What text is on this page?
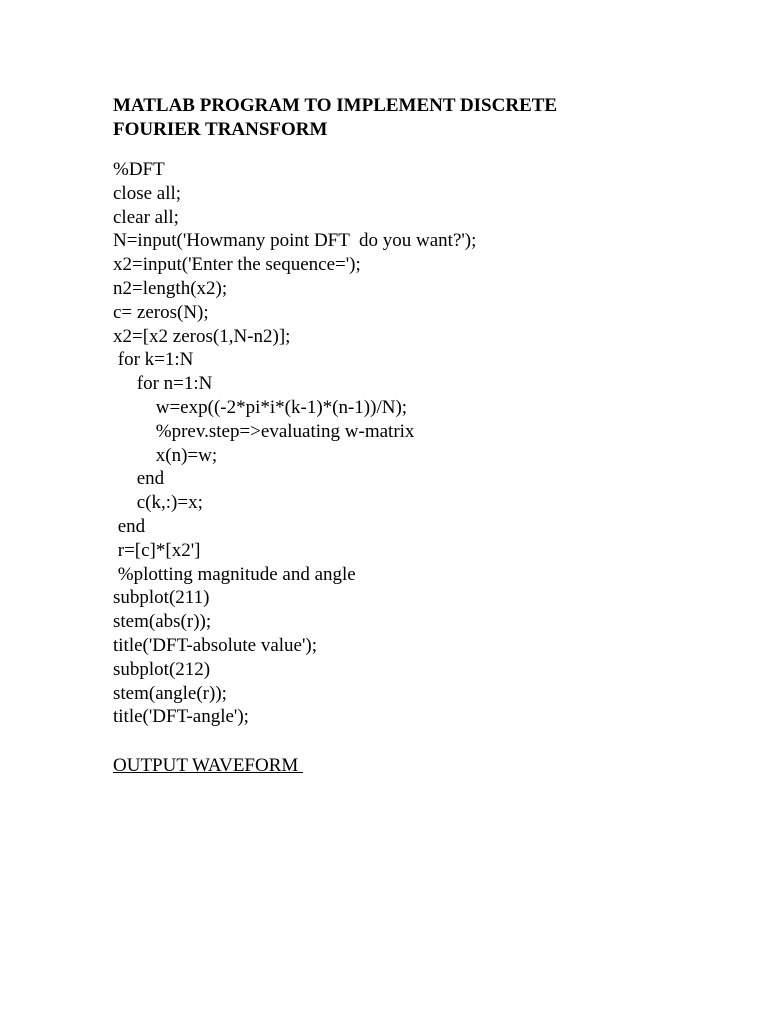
MATLAB PROGRAM TO IMPLEMENT DISCRETE
FOURIER TRANSFORM
%DFT
close all;
clear all;
N=input('Howmany point DFT  do you want?');
x2=input('Enter the sequence=');
n2=length(x2);
c= zeros(N);
x2=[x2 zeros(1,N-n2)];
for k=1:N
for n=1:N
w=exp((-2*pi*i*(k-1)*(n-1))/N);
%prev.step=>evaluating w-matrix
x(n)=w;
end
c(k,:)=x;
end
r=[c]*[x2']
%plotting magnitude and angle
subplot(211)
stem(abs(r));
title('DFT-absolute value');
subplot(212)
stem(angle(r));
title('DFT-angle');
OUTPUT WAVEFORM
